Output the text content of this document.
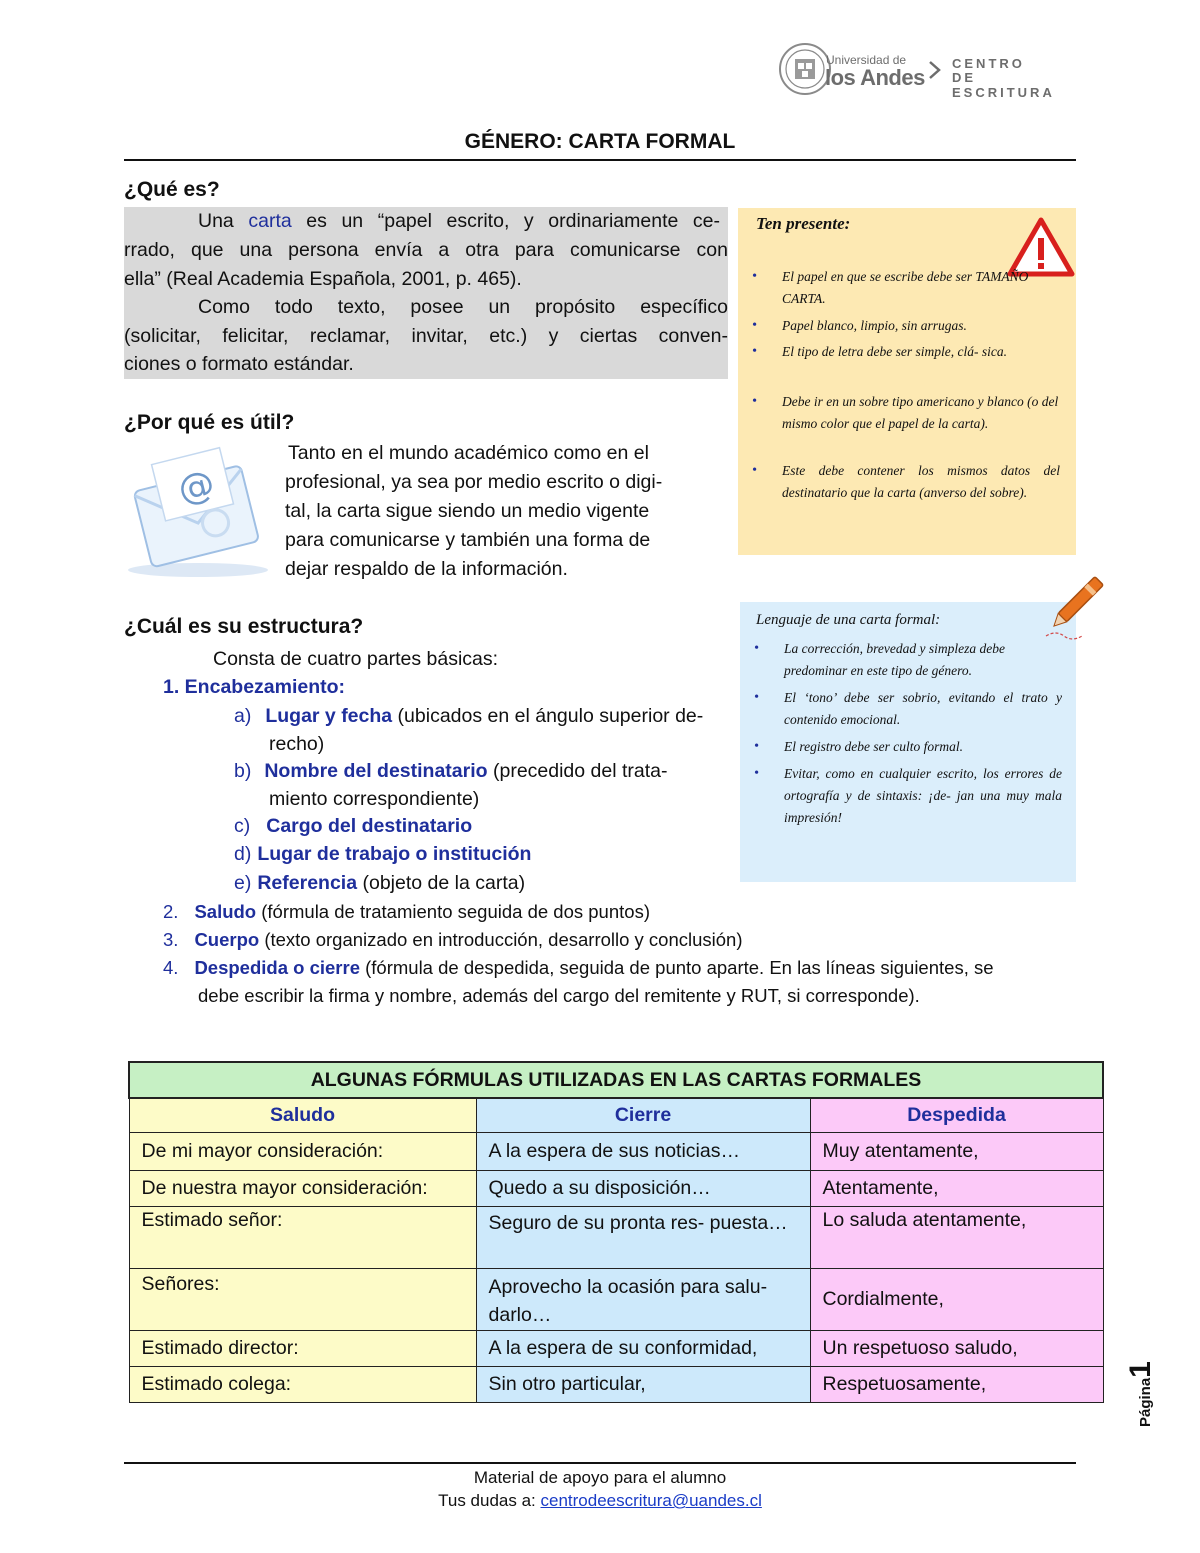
Universidad de
los Andes
CENTRO
DE ESCRITURA
GÉNERO: CARTA FORMAL
¿Qué es?
Una carta es un “papel escrito, y ordinariamente ce-
rrado, que una persona envía a otra para comunicarse con
ella” (Real Academia Española, 2001, p. 465).
Como todo texto, posee un propósito específico
(solicitar, felicitar, reclamar, invitar, etc.) y ciertas conven-
ciones o formato estándar.
Ten presente:
• El papel en que se escribe debe ser TAMAÑO CARTA.
• Papel blanco, limpio, sin arrugas.
• El tipo de letra debe ser simple, clá- sica.
• Debe ir en un sobre tipo americano y blanco (o del mismo color que el papel de la carta).
• Este debe contener los mismos datos del destinatario que la carta (anverso del sobre).
¿Por qué es útil?
@
Tanto en el mundo académico como en el
profesional, ya sea por medio escrito o digi-
tal, la carta sigue siendo un medio vigente
para comunicarse y también una forma de
dejar respaldo de la información.
Lenguaje de una carta formal:
• La corrección, brevedad y simpleza debe predominar en este tipo de género.
• El ‘tono’ debe ser sobrio, evitando el trato y contenido emocional.
• El registro debe ser culto formal.
• Evitar, como en cualquier escrito, los errores de ortografía y de sintaxis: ¡de- jan una muy mala impresión!
¿Cuál es su estructura?
Consta de cuatro partes básicas:
1. Encabezamiento:
a) Lugar y fecha (ubicados en el ángulo superior de-
recho)
b) Nombre del destinatario (precedido del trata-
miento correspondiente)
c) Cargo del destinatario
d) Lugar de trabajo o institución
e) Referencia (objeto de la carta)
2. Saludo (fórmula de tratamiento seguida de dos puntos)
3. Cuerpo (texto organizado en introducción, desarrollo y conclusión)
4. Despedida o cierre (fórmula de despedida, seguida de punto aparte. En las líneas siguientes, se
debe escribir la firma y nombre, además del cargo del remitente y RUT, si corresponde).
ALGUNAS FÓRMULAS UTILIZADAS EN LAS CARTAS FORMALES		
Saludo	Cierre	Despedida
De mi mayor consideración:	A la espera de sus noticias…	Muy atentamente,
De nuestra mayor consideración:	Quedo a su disposición…	Atentamente,
Estimado señor:	Seguro de su pronta res- puesta…	Lo saluda atentamente,
Señores:	Aprovecho la ocasión para salu- darlo…	Cordialmente,
Estimado director:	A la espera de su conformidad,	Un respetuoso saludo,
Estimado colega:	Sin otro particular,	Respetuosamente,	Página1
Material de apoyo para el alumno
Tus dudas a: centrodeescritura@uandes.cl
